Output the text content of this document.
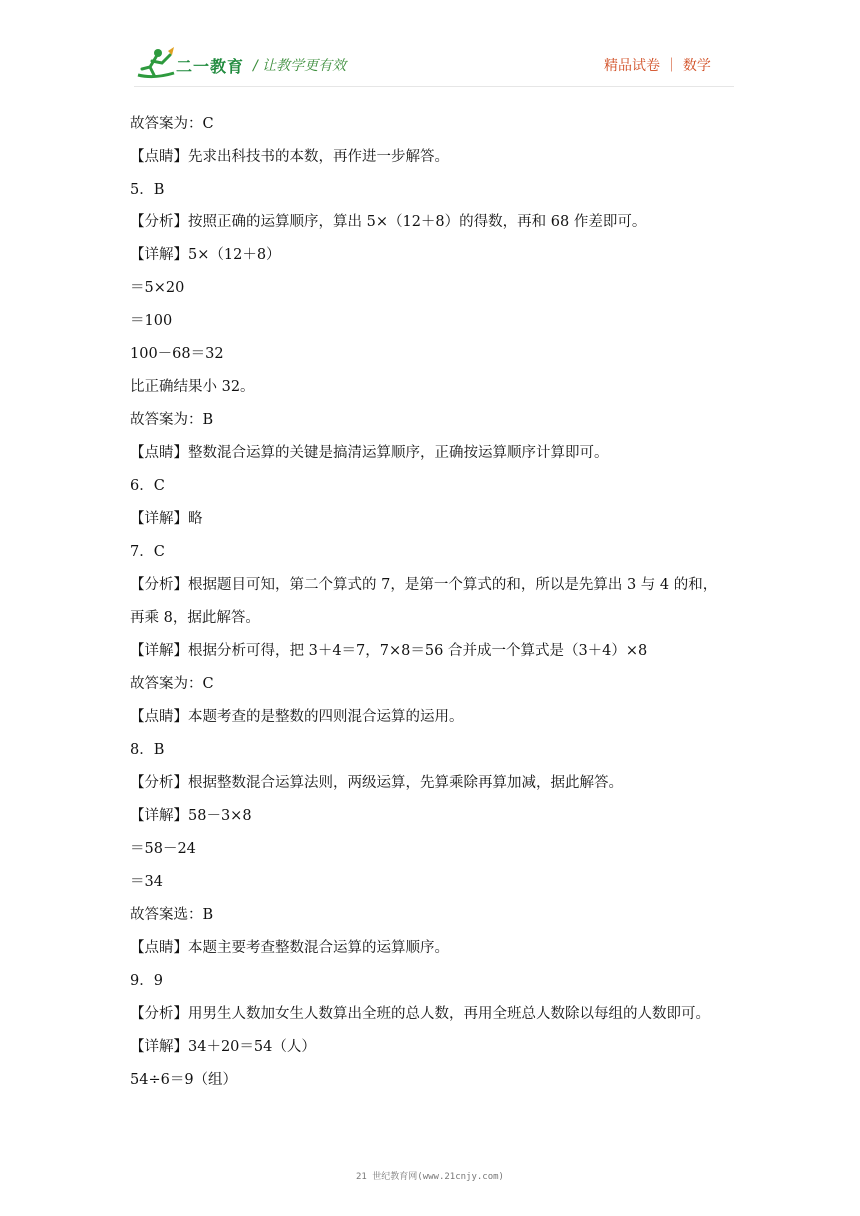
二一教育 / 让教学更有效	精品试卷 ｜ 数学
故答案为：C
【点睛】先求出科技书的本数，再作进一步解答。
5．B
【分析】按照正确的运算顺序，算出 5×（12＋8）的得数，再和 68 作差即可。
【详解】5×（12＋8）
＝5×20
＝100
100－68＝32
比正确结果小 32。
故答案为：B
【点睛】整数混合运算的关键是搞清运算顺序，正确按运算顺序计算即可。
6．C
【详解】略
7．C
【分析】根据题目可知，第二个算式的 7，是第一个算式的和，所以是先算出 3 与 4 的和，
再乘 8，据此解答。
【详解】根据分析可得，把 3＋4＝7，7×8＝56 合并成一个算式是（3＋4）×8
故答案为：C
【点睛】本题考查的是整数的四则混合运算的运用。
8．B
【分析】根据整数混合运算法则，两级运算，先算乘除再算加减，据此解答。
【详解】58－3×8
＝58－24
＝34
故答案选：B
【点睛】本题主要考查整数混合运算的运算顺序。
9．9
【分析】用男生人数加女生人数算出全班的总人数，再用全班总人数除以每组的人数即可。
【详解】34＋20＝54（人）
54÷6＝9（组）
21 世纪教育网(www.21cnjy.com)
